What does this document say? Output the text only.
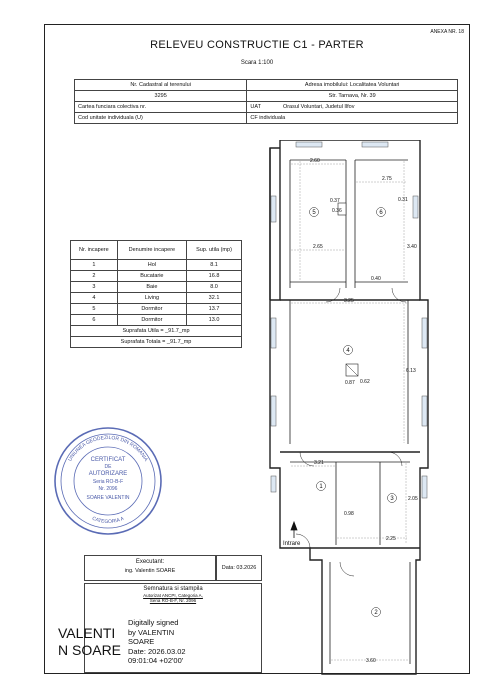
ANEXA NR. 18
RELEVEU CONSTRUCTIE C1 - PARTER
Scara 1:100
Nr. Cadastral al terenului	Adresa imobilului: Localitatea Voluntari
3295	Str. Tarnava, Nr. 39
Cartea funciara colectiva nr.	UAT Orasul Voluntari, Judetul Ilfov
Cod unitate individuala (U)	CF individuala
Nr. incapere	Denumire incapere	Sup. utila (mp)
1	Hol	8.1
2	Bucatarie	16.8
3	Baie	8.0
4	Living	32.1
5	Dormitor	13.7
6	Dormitor	13.0
Suprafata Utila = _91.7_mp		
Suprafata Totala = _91.7_mp		
UNIUNEA GEODEZILOR DIN ROMANIA
CATEGORIA A
CERTIFICAT
DE
AUTORIZARE
Seria RO-B-F
Nr. 2096
SOARE VALENTIN
Executant:
ing. Valentin SOARE	Data: 03.2026
Semnatura si stampila
Autorizat ANCPI, Categoria A,
Seria RO-B-F, Nr. 2096
VALENTI
N SOARE
Digitally signed
by VALENTIN
SOARE
Date: 2026.03.02
09:01:04 +02'00'
Intrare
2.60
2.75
0.31
0.37
0.36
2.65	3.40
0.40
3.25
0.87 0.62
6.13
3.21
0.98
2.25
2.05
3.60
1
2
3
4
5	6
